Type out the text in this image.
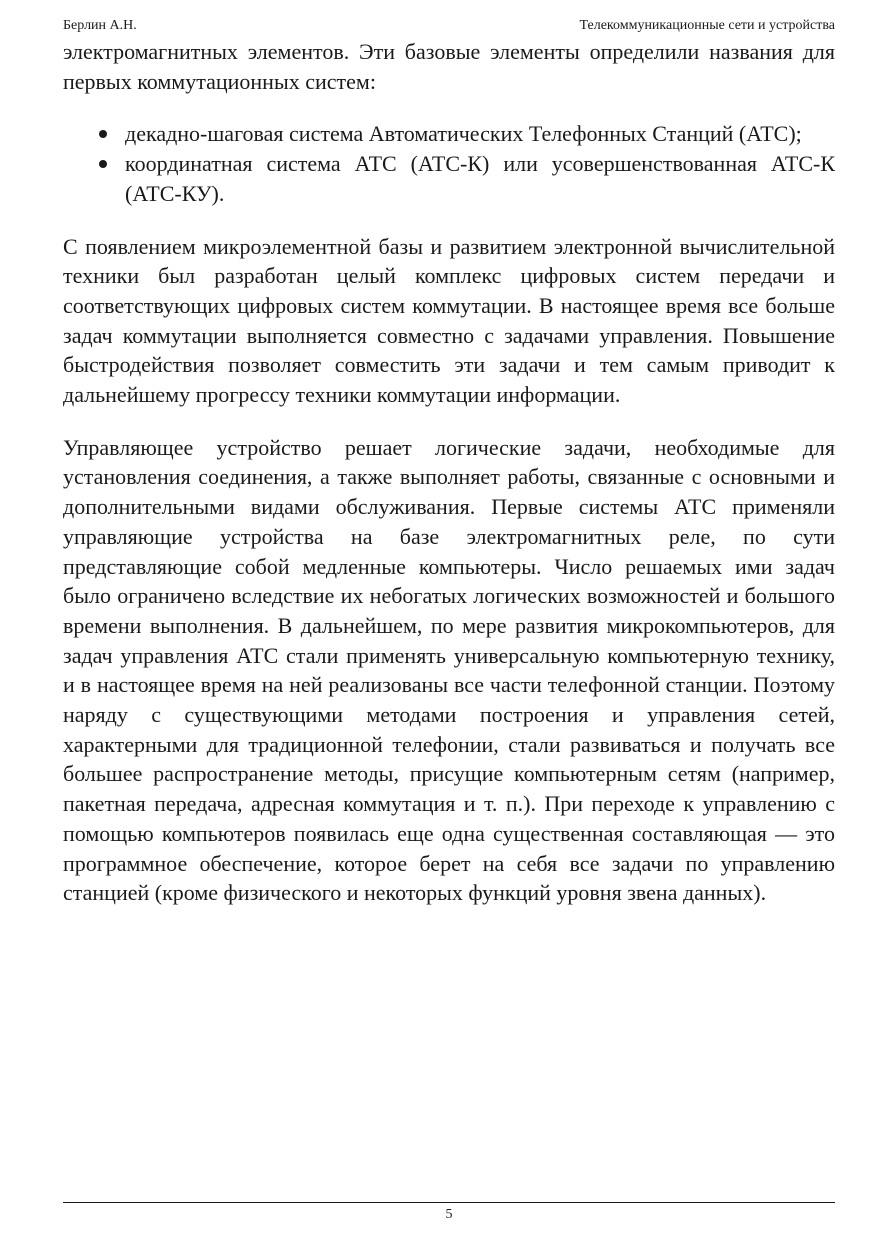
Берлин А.Н.	Телекоммуникационные сети и устройства

электромагнитных элементов. Эти базовые элементы определили названия для первых коммутационных систем:

декадно-шаговая система Автоматических Телефонных Станций (АТС);
координатная система АТС (АТС-К) или усовершенствованная АТС-К (АТС-КУ).

С появлением микроэлементной базы и развитием электронной вычислительной техники был разработан целый комплекс цифровых систем передачи и соответствующих цифровых систем коммутации. В настоящее время все больше задач коммутации выполняется совместно с задачами управления. Повышение быстродействия позволяет совместить эти задачи и тем самым приводит к дальнейшему прогрессу техники коммутации информации.

Управляющее устройство решает логические задачи, необходимые для установления соединения, а также выполняет работы, связанные с основными и дополнительными видами обслуживания. Первые системы АТС применяли управляющие устройства на базе электромагнитных реле, по сути представляющие собой медленные компьютеры. Число решаемых ими задач было ограничено вследствие их небогатых логических возможностей и большого времени выполнения. В дальнейшем, по мере развития микрокомпьютеров, для задач управления АТС стали применять универсальную компьютерную технику, и в настоящее время на ней реализованы все части телефонной станции. Поэтому наряду с существующими методами построения и управления сетей, характерными для традиционной телефонии, стали развиваться и получать все большее распространение методы, присущие компьютерным сетям (например, пакетная передача, адресная коммутация и т. п.). При переходе к управлению с помощью компьютеров появилась еще одна существенная составляющая — это программное обеспечение, которое берет на себя все задачи по управлению станцией (кроме физического и некоторых функций уровня звена данных).

5
